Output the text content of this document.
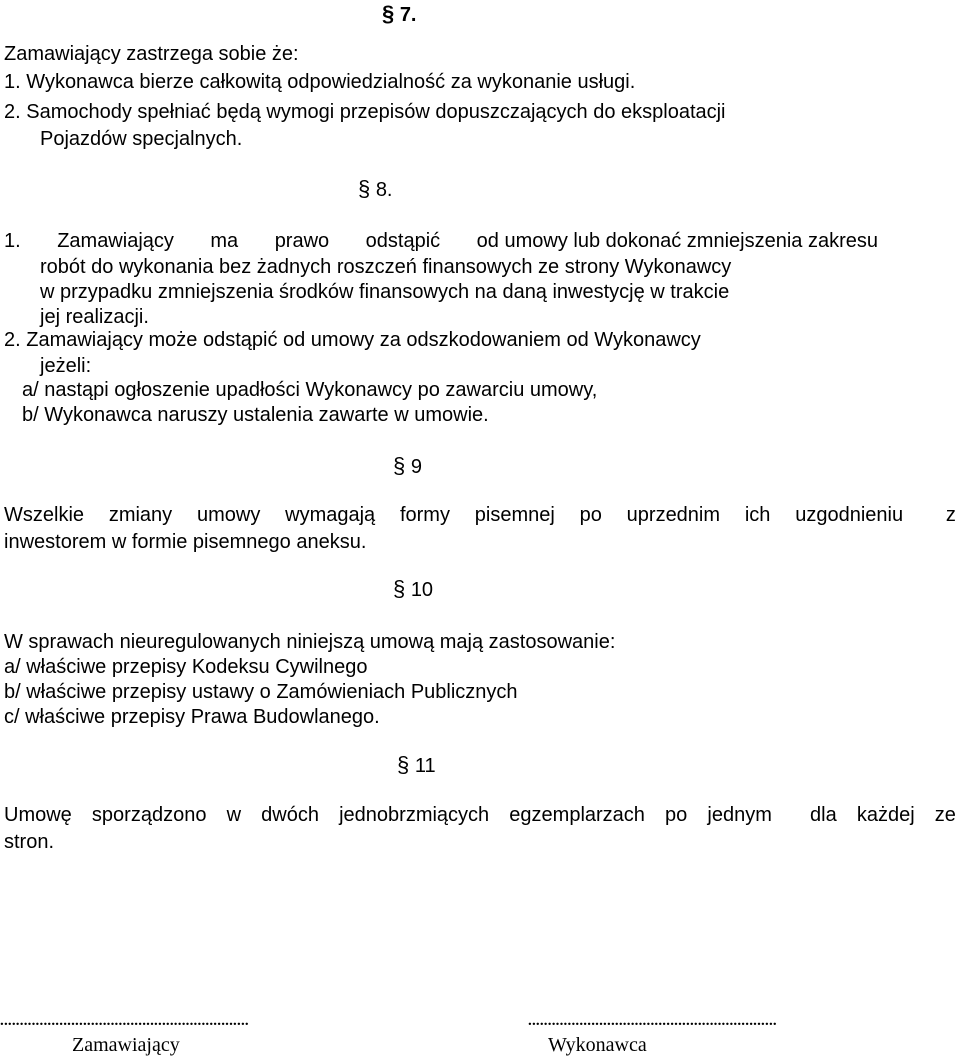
§ 7.
Zamawiający zastrzega sobie że:
1. Wykonawca bierze całkowitą odpowiedzialność za wykonanie usługi.
2. Samochody spełniać będą wymogi przepisów dopuszczających do eksploatacji
Pojazdów specjalnych.
§ 8.
1. Zamawiający ma prawo odstąpić od umowy lub dokonać zmniejszenia zakresu
robót do wykonania bez żadnych roszczeń finansowych ze strony Wykonawcy
w przypadku zmniejszenia środków finansowych na daną inwestycję w trakcie
jej realizacji.
2. Zamawiający może odstąpić od umowy za odszkodowaniem od Wykonawcy
jeżeli:
a/ nastąpi ogłoszenie upadłości Wykonawcy po zawarciu umowy,
b/ Wykonawca naruszy ustalenia zawarte w umowie.
§ 9
Wszelkie zmiany umowy wymagają formy pisemnej po uprzednim ich uzgodnieniu z
inwestorem w formie pisemnego aneksu.
§ 10
W sprawach nieuregulowanych niniejszą umową mają zastosowanie:
a/ właściwe przepisy Kodeksu Cywilnego
b/ właściwe przepisy ustawy o Zamówieniach Publicznych
c/ właściwe przepisy Prawa Budowlanego.
§ 11
Umowę sporządzono w dwóch jednobrzmiących egzemplarzach po jednym dla każdej ze
stron.
...............................................................	...............................................................
Zamawiający	Wykonawca
